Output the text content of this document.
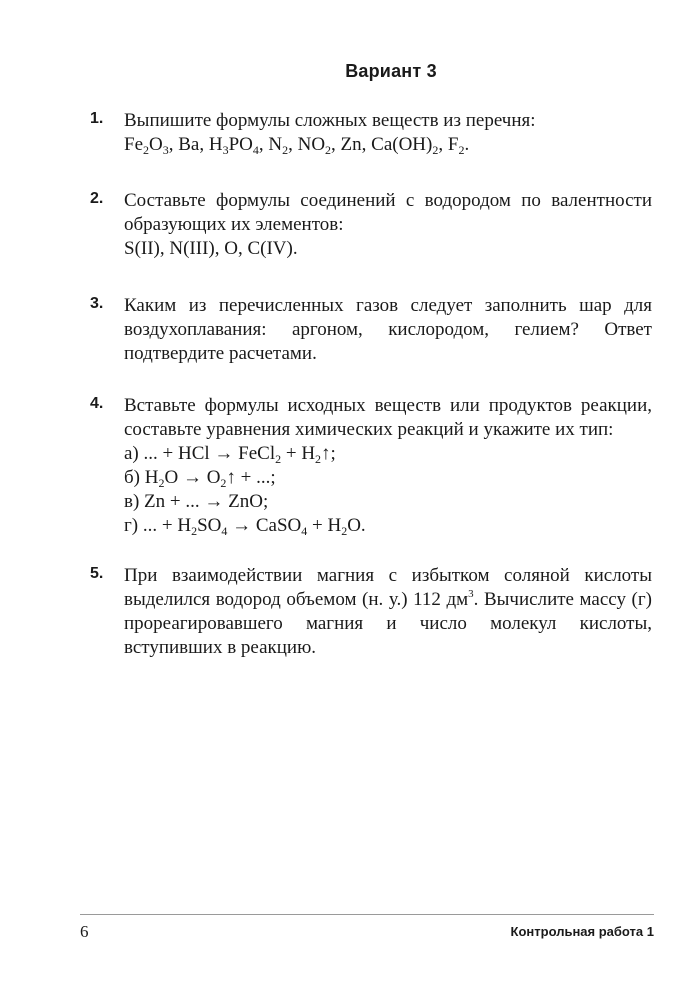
Вариант 3
1. Выпишите формулы сложных веществ из перечня:

$Fe_2O_3$, Ba, $H_3PO_4$, $N_2$, $NO_2$, Zn, $Ca(OH)_2$, $F_2$.

2. Составьте формулы соединений с водородом по валентности образующих их элементов:

S(II), N(III), O, C(IV).

3. Каким из перечисленных газов следует заполнить шар для воздухоплавания: аргоном, кислородом, гелием? Ответ подтвердите расчетами.

4. Вставьте формулы исходных веществ или продуктов реакции, составьте уравнения химических реакций и укажите их тип:

а) ... + HCl → FeCl$_2$ + $H_2↑$;

б) $H_2O$ → $O_2↑$ + ...;

в) Zn + ... → ZnO;

г) ... + $H_2SO_4$ → CaSO$_4$ + $H_2O$.

5. При взаимодействии магния с избытком соляной кислоты выделился водород объемом (н. у.) 112 $дм^3$. Вычислите массу (г) прореагировавшего магния и число молекул кислоты, вступивших в реакцию.

6	Контрольная работа 1
